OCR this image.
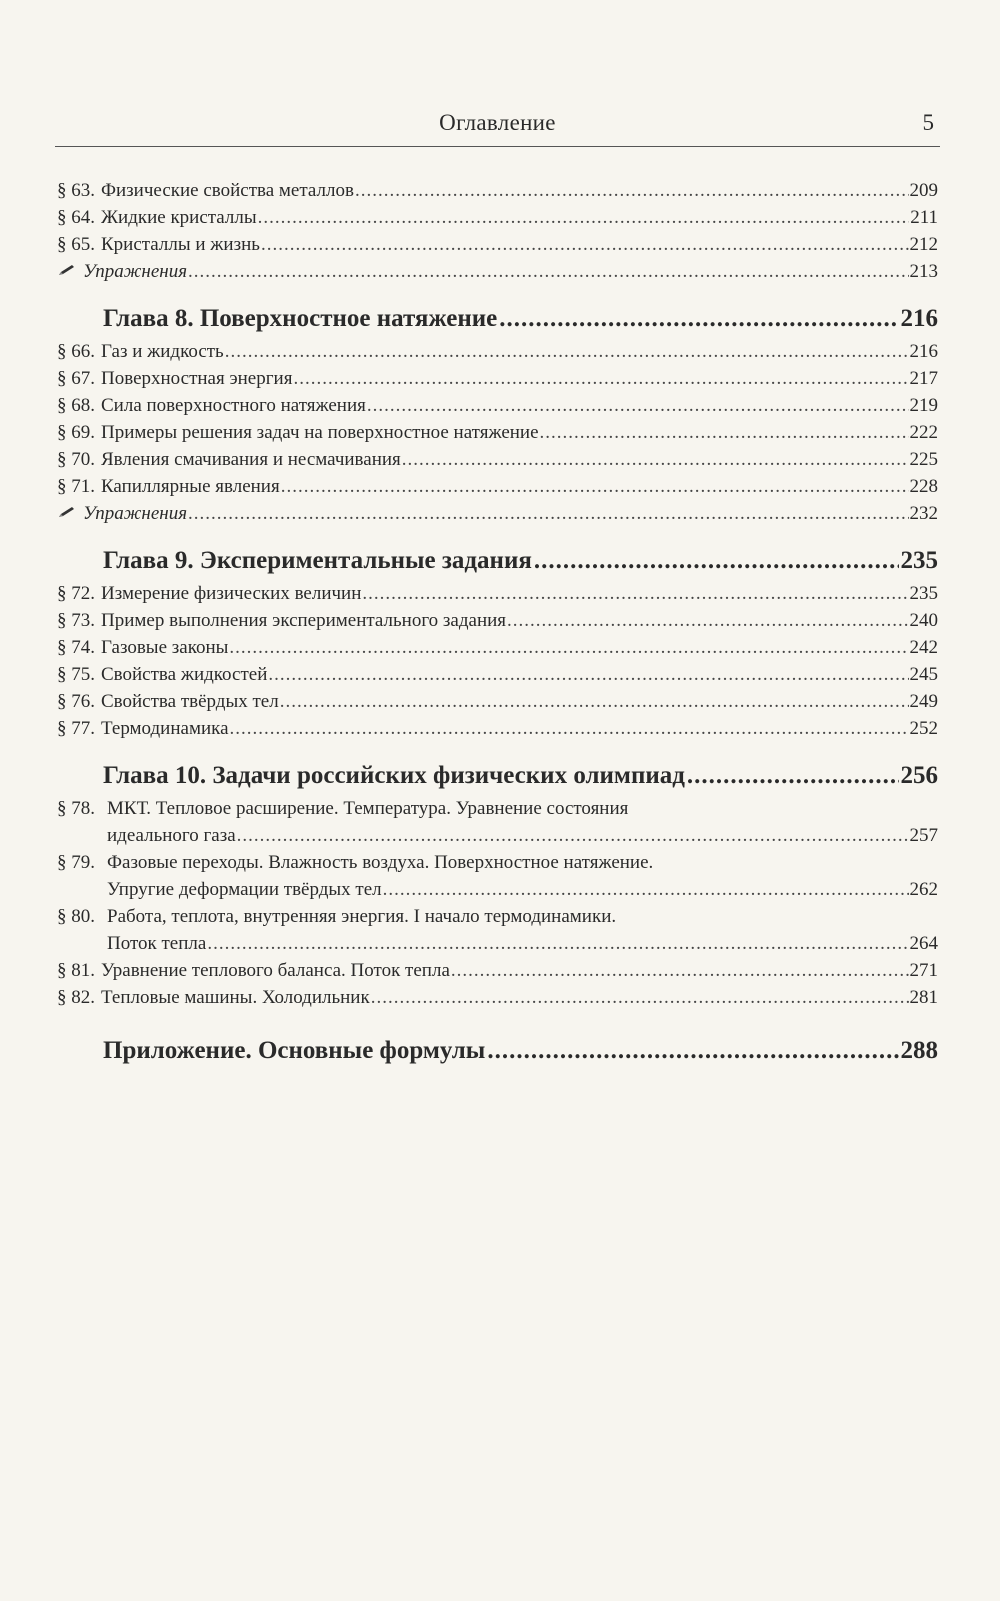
Оглавление	5
§ 63. Физические свойства металлов .....	209
§ 64. Жидкие кристаллы .....	211
§ 65. Кристаллы и жизнь .....	212
Упражнения .....	213
Глава 8. Поверхностное натяжение .....	216
§ 66. Газ и жидкость .....	216
§ 67. Поверхностная энергия .....	217
§ 68. Сила поверхностного натяжения .....	219
§ 69. Примеры решения задач на поверхностное натяжение .....	222
§ 70. Явления смачивания и несмачивания .....	225
§ 71. Капиллярные явления .....	228
Упражнения .....	232
Глава 9. Экспериментальные задания .....	235
§ 72. Измерение физических величин .....	235
§ 73. Пример выполнения экспериментального задания .....	240
§ 74. Газовые законы .....	242
§ 75. Свойства жидкостей .....	245
§ 76. Свойства твёрдых тел .....	249
§ 77. Термодинамика .....	252
Глава 10. Задачи российских физических олимпиад .....	256
§ 78. МКТ. Тепловое расширение. Температура. Уравнение состояния
идеального газа .....	257
§ 79. Фазовые переходы. Влажность воздуха. Поверхностное натяжение.
Упругие деформации твёрдых тел .....	262
§ 80. Работа, теплота, внутренняя энергия. I начало термодинамики.
Поток тепла .....	264
§ 81. Уравнение теплового баланса. Поток тепла .....	271
§ 82. Тепловые машины. Холодильник .....	281
Приложение. Основные формулы .....	288
